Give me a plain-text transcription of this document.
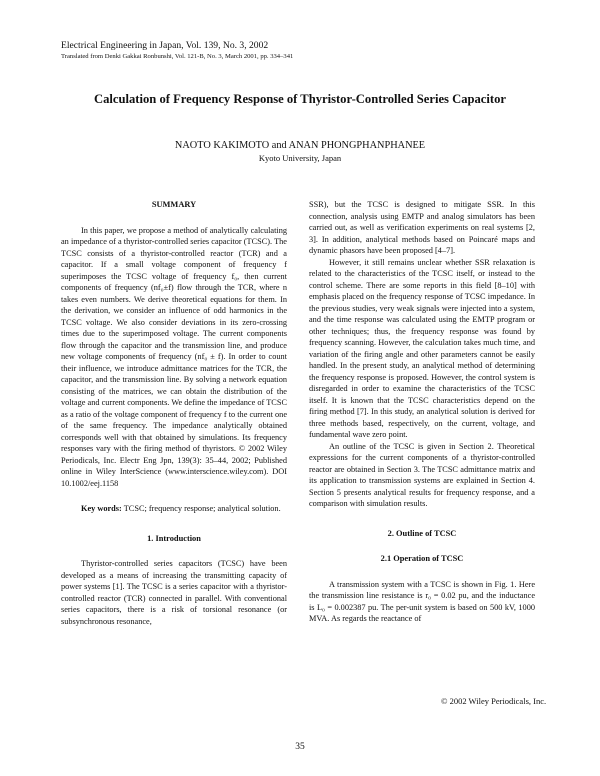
Electrical Engineering in Japan, Vol. 139, No. 3, 2002
Translated from Denki Gakkai Ronbunshi, Vol. 121-B, No. 3, March 2001, pp. 334–341
Calculation of Frequency Response of Thyristor-Controlled Series Capacitor
NAOTO KAKIMOTO and ANAN PHONGPHANPHANEE
Kyoto University, Japan
SUMMARY

In this paper, we propose a method of analytically calculating an impedance of a thyristor-controlled series capacitor (TCSC). The TCSC consists of a thyristor-controlled reactor (TCR) and a capacitor. If a small voltage component of frequency f superimposes the TCSC voltage of frequency f₀, then current components of frequency (nf₀±f) flow through the TCR, where n takes even numbers. We derive theoretical equations for them. In the derivation, we consider an influence of odd harmonics in the TCSC voltage. We also consider deviations in its zero-crossing times due to the superimposed voltage. The current components flow through the capacitor and the transmission line, and produce new voltage components of frequency (nf₀ ± f). In order to count their influence, we introduce admittance matrices for the TCR, the capacitor, and the transmission line. By solving a network equation consisting of the matrices, we can obtain the distribution of the voltage and current components. We define the impedance of TCSC as a ratio of the voltage component of frequency f to the current one of the same frequency. The impedance analytically obtained corresponds well with that obtained by simulations. Its frequency responses vary with the firing method of thyristors. © 2002 Wiley Periodicals, Inc. Electr Eng Jpn, 139(3): 35–44, 2002; Published online in Wiley InterScience (www.interscience.wiley.com). DOI 10.1002/eej.1158

Key words: TCSC; frequency response; analytical solution.

1. Introduction

Thyristor-controlled series capacitors (TCSC) have been developed as a means of increasing the transmitting capacity of power systems [1]. The TCSC is a series capacitor with a thyristor-controlled reactor (TCR) connected in parallel. With conventional series capacitors, there is a risk of torsional resonance (or subsynchronous resonance,

SSR), but the TCSC is designed to mitigate SSR. In this connection, analysis using EMTP and analog simulators has been carried out, as well as verification experiments on real systems [2, 3]. In addition, analytical methods based on Poincaré maps and dynamic phasors have been proposed [4–7].

However, it still remains unclear whether SSR relaxation is related to the characteristics of the TCSC itself, or instead to the control scheme. There are some reports in this field [8–10] with emphasis placed on the frequency response of TCSC impedance. In the previous studies, very weak signals were injected into a system, and the time response was calculated using the EMTP program or other techniques; thus, the frequency response was found by frequency scanning. However, the calculation takes much time, and variation of the firing angle and other parameters cannot be easily handled. In the present study, an analytical method of determining the frequency response is proposed. However, the control system is disregarded in order to examine the characteristics of the TCSC itself. It is known that the TCSC characteristics depend on the firing method [7]. In this study, an analytical solution is derived for three methods based, respectively, on the current, voltage, and fundamental wave zero point.

An outline of the TCSC is given in Section 2. Theoretical expressions for the current components of a thyristor-controlled reactor are obtained in Section 3. The TCSC admittance matrix and its application to transmission systems are explained in Section 4. Section 5 presents analytical results for frequency response, and a comparison with simulation results.

2. Outline of TCSC
2.1 Operation of TCSC

A transmission system with a TCSC is shown in Fig. 1. Here the transmission line resistance is r₀ = 0.02 pu, and the inductance is L₀ = 0.002387 pu. The per-unit system is based on 500 kV, 1000 MVA. As regards the reactance of

© 2002 Wiley Periodicals, Inc.
35
